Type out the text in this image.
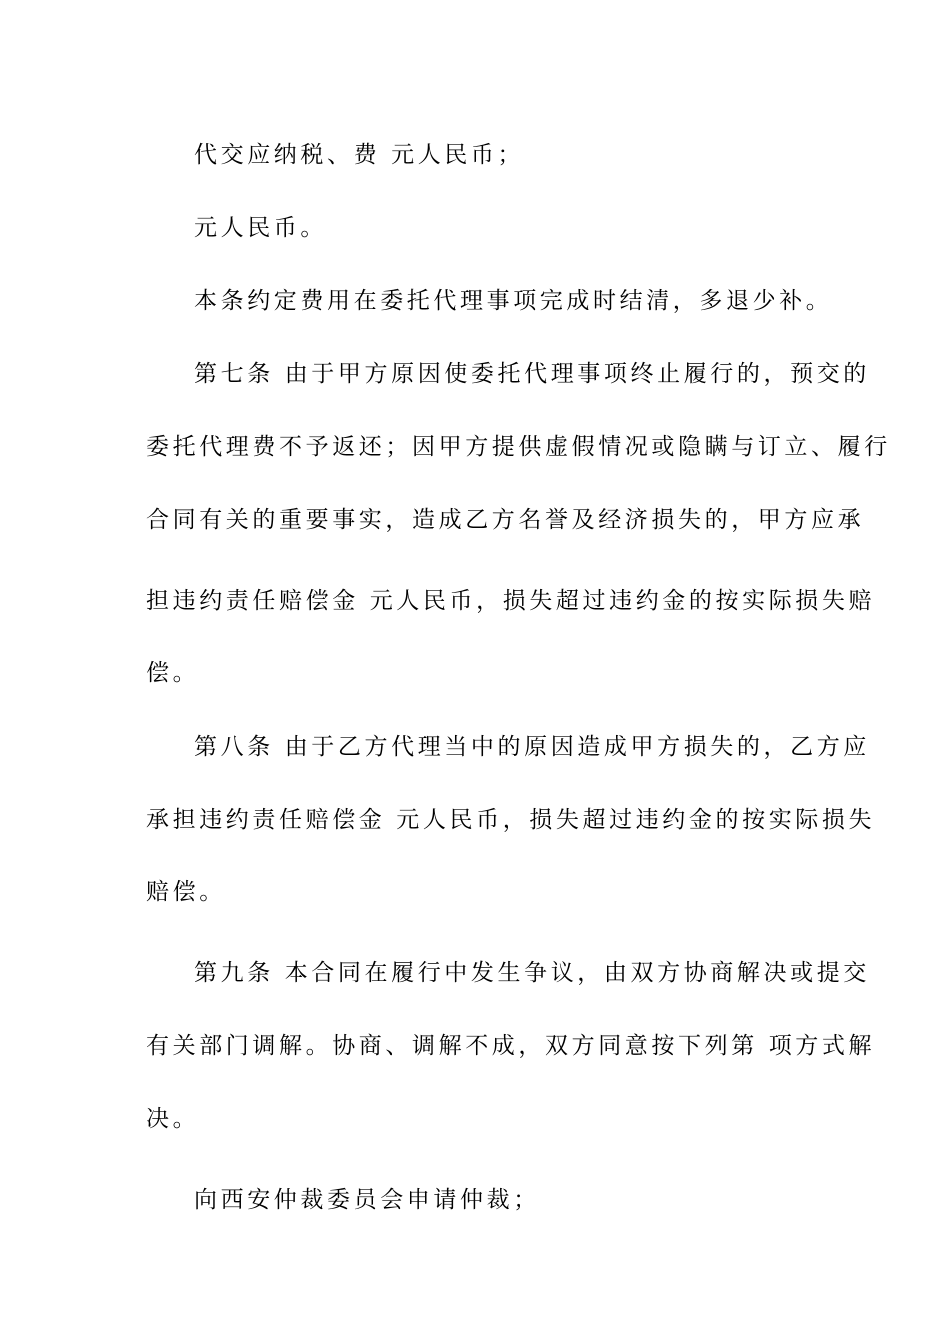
代交应纳税、费 元人民币；
元人民币。
本条约定费用在委托代理事项完成时结清，多退少补。
第七条 由于甲方原因使委托代理事项终止履行的，预交的
委托代理费不予返还；因甲方提供虚假情况或隐瞒与订立、履行
合同有关的重要事实，造成乙方名誉及经济损失的，甲方应承
担违约责任赔偿金 元人民币，损失超过违约金的按实际损失赔
偿。
第八条 由于乙方代理当中的原因造成甲方损失的，乙方应
承担违约责任赔偿金 元人民币，损失超过违约金的按实际损失
赔偿。
第九条 本合同在履行中发生争议，由双方协商解决或提交
有关部门调解。协商、调解不成，双方同意按下列第 项方式解
决。
向西安仲裁委员会申请仲裁；
